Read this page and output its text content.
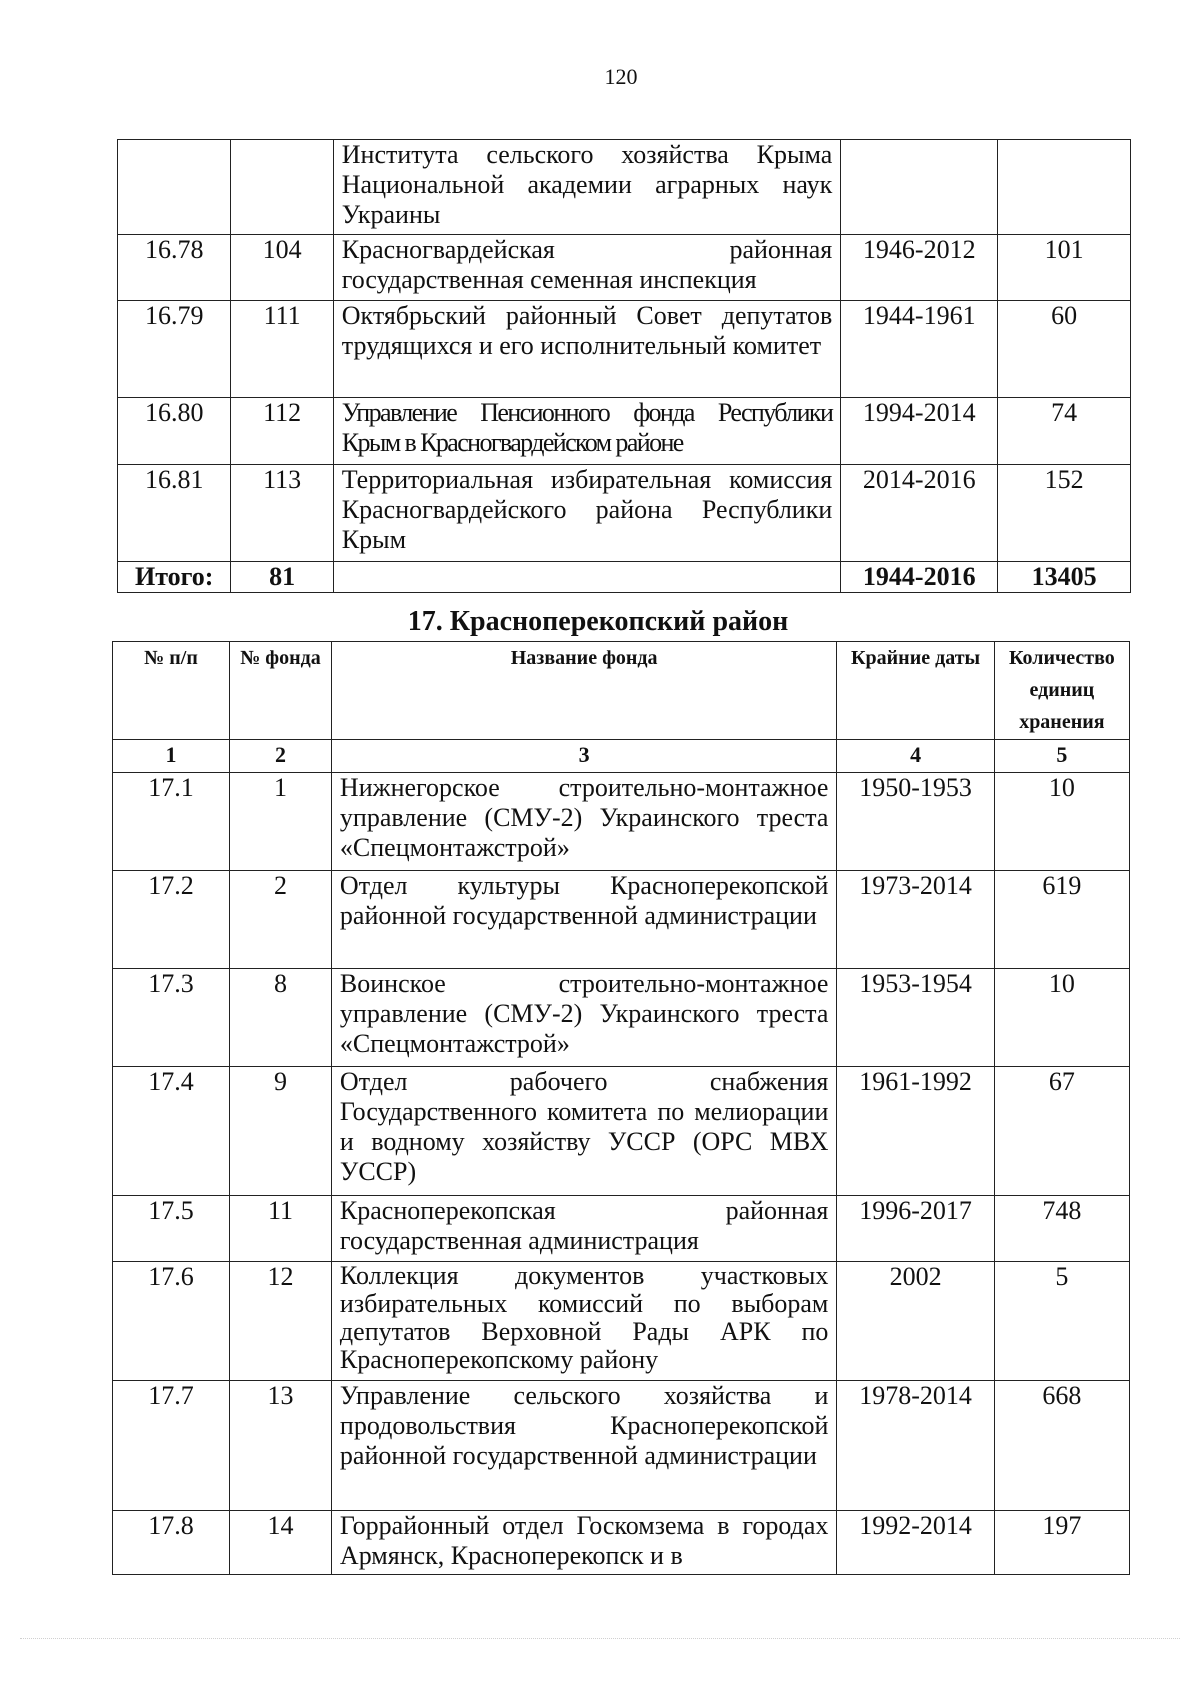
120
		Института сельского хозяйства Крыма Национальной академии аграрных наук Украины		
16.78	104	Красногвардейская районная государственная семенная инспекция	1946-2012	101
16.79	111	Октябрьский районный Совет депутатов трудящихся и его исполнительный комитет	1944-1961	60
16.80	112	Управление Пенсионного фонда Республики Крым в Красногвардейском районе	1994-2014	74
16.81	113	Территориальная избирательная комиссия Красногвардейского района Республики Крым	2014-2016	152
Итого:	81		1944-2016	13405
17. Красноперекопский район
№ п/п	№ фонда	Название фонда	Крайние даты	Количество единиц хранения
1	2	3	4	5
17.1	1	Нижнегорское строительно-монтажное управление (СМУ-2) Украинского треста «Спецмонтажстрой»	1950-1953	10
17.2	2	Отдел культуры Красноперекопской районной государственной администрации	1973-2014	619
17.3	8	Воинское строительно-монтажное управление (СМУ-2) Украинского треста «Спецмонтажстрой»	1953-1954	10
17.4	9	Отдел рабочего снабжения Государственного комитета по мелиорации и водному хозяйству УССР (ОРС МВХ УССР)	1961-1992	67
17.5	11	Красноперекопская районная государственная администрация	1996-2017	748
17.6	12	Коллекция документов участковых избирательных комиссий по выборам депутатов Верховной Рады АРК по Красноперекопскому району	2002	5
17.7	13	Управление сельского хозяйства и продовольствия Красноперекопской районной государственной администрации	1978-2014	668
17.8	14	Горрайонный отдел Госкомзема в городах Армянск, Красноперекопск и в	1992-2014	197
